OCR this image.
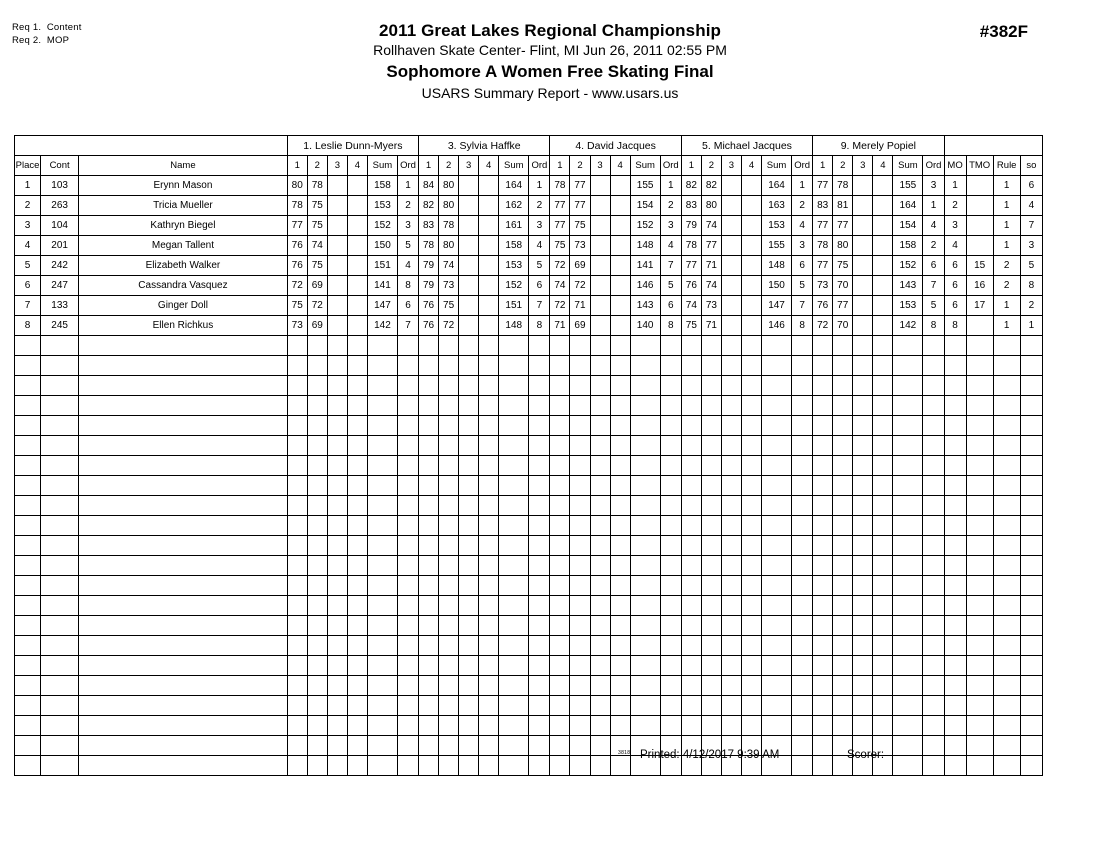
Req 1.  Content
Req 2.  MOP	2011 Great Lakes Regional Championship
Rollhaven Skate Center- Flint, MI Jun 26, 2011 02:55 PM
Sophomore A Women Free Skating Final
USARS Summary Report - www.usars.us
#382F
			1. Leslie Dunn-Myers						3. Sylvia Haffke						4. David Jacques						5. Michael Jacques						9. Merely Popiel									
Place	Cont	Name	1	2	3	4	Sum	Ord	1	2	3	4	Sum	Ord	1	2	3	4	Sum	Ord	1	2	3	4	Sum	Ord	1	2	3	4	Sum	Ord	MO	TMO	Rule	so
1	103	Erynn Mason	80	78			158	1	84	80			164	1	78	77			155	1	82	82			164	1	77	78			155	3	1		1	6
2	263	Tricia Mueller	78	75			153	2	82	80			162	2	77	77			154	2	83	80			163	2	83	81			164	1	2		1	4
3	104	Kathryn Biegel	77	75			152	3	83	78			161	3	77	75			152	3	79	74			153	4	77	77			154	4	3		1	7
4	201	Megan Tallent	76	74			150	5	78	80			158	4	75	73			148	4	78	77			155	3	78	80			158	2	4		1	3
5	242	Elizabeth Walker	76	75			151	4	79	74			153	5	72	69			141	7	77	71			148	6	77	75			152	6	6	15	2	5
6	247	Cassandra Vasquez	72	69			141	8	79	73			152	6	74	72			146	5	76	74			150	5	73	70			143	7	6	16	2	8
7	133	Ginger Doll	75	72			147	6	76	75			151	7	72	71			143	6	74	73			147	7	76	77			153	5	6	17	1	2
8	245	Ellen Richkus	73	69			142	7	76	72			148	8	71	69			140	8	75	71			146	8	72	70			142	8	8		1	1

3818 Printed: 4/12/2017 9:39 AM	Scorer:
